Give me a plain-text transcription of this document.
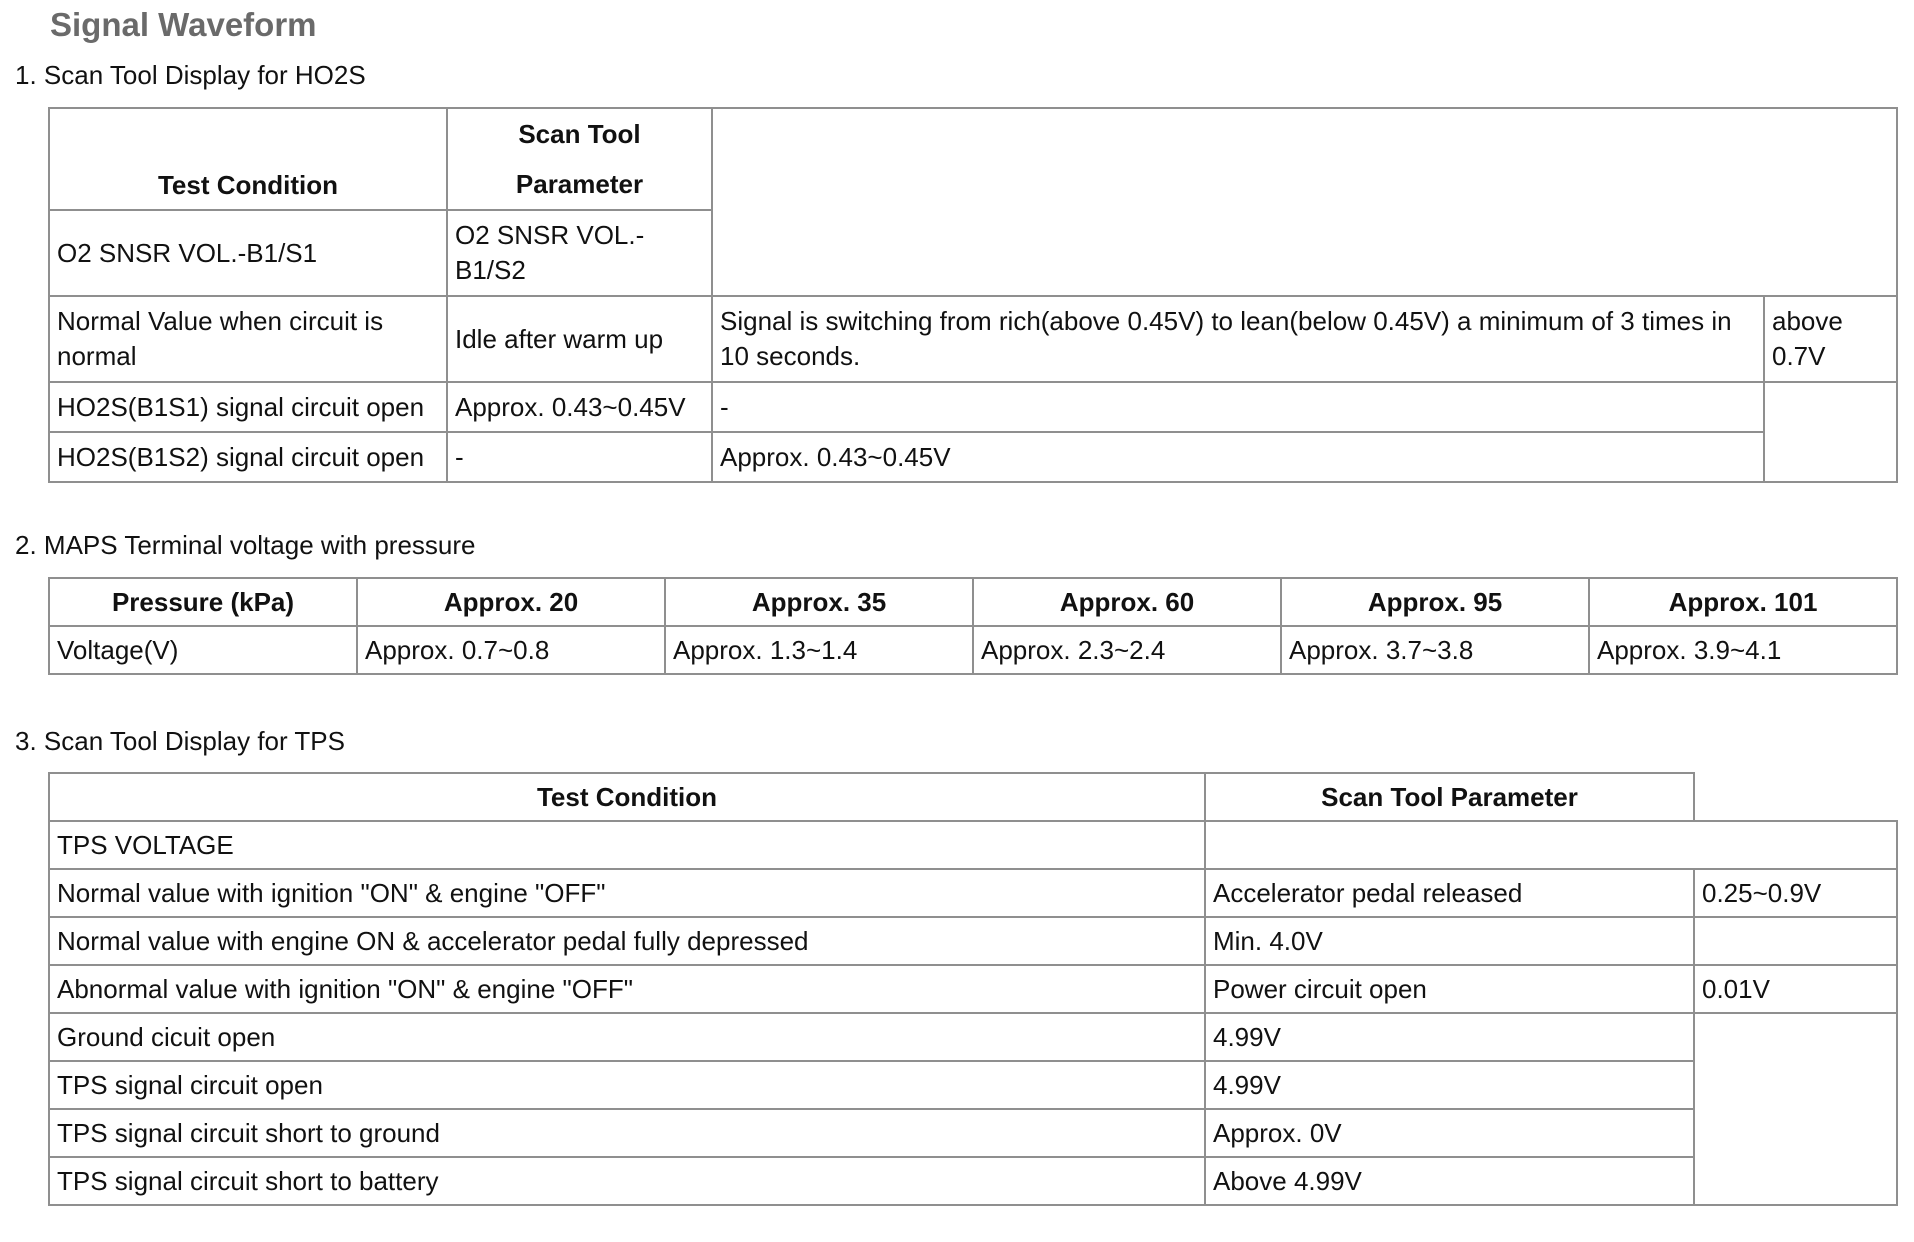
Signal Waveform

1. Scan Tool Display for HO2S

Test Condition	Scan Tool Parameter		
O2 SNSR VOL.-B1/S1	O2 SNSR VOL.-B1/S2		
Normal Value when circuit is normal	Idle after warm up	Signal is switching from rich(above 0.45V) to lean(below 0.45V) a minimum of 3 times in 10 seconds.	above 0.7V
HO2S(B1S1) signal circuit open	Approx. 0.43~0.45V	-	
HO2S(B1S2) signal circuit open	-	Approx. 0.43~0.45V	

2. MAPS Terminal voltage with pressure

Pressure (kPa)	Approx. 20	Approx. 35	Approx. 60	Approx. 95	Approx. 101
Voltage(V)	Approx. 0.7~0.8	Approx. 1.3~1.4	Approx. 2.3~2.4	Approx. 3.7~3.8	Approx. 3.9~4.1

3. Scan Tool Display for TPS

Test Condition	Scan Tool Parameter	
TPS VOLTAGE		
Normal value with ignition "ON" & engine "OFF"	Accelerator pedal released	0.25~0.9V
Normal value with engine ON & accelerator pedal fully depressed	Min. 4.0V	
Abnormal value with ignition "ON" & engine "OFF"	Power circuit open	0.01V
Ground cicuit open	4.99V	
TPS signal circuit open	4.99V	
TPS signal circuit short to ground	Approx. 0V	
TPS signal circuit short to battery	Above 4.99V	
